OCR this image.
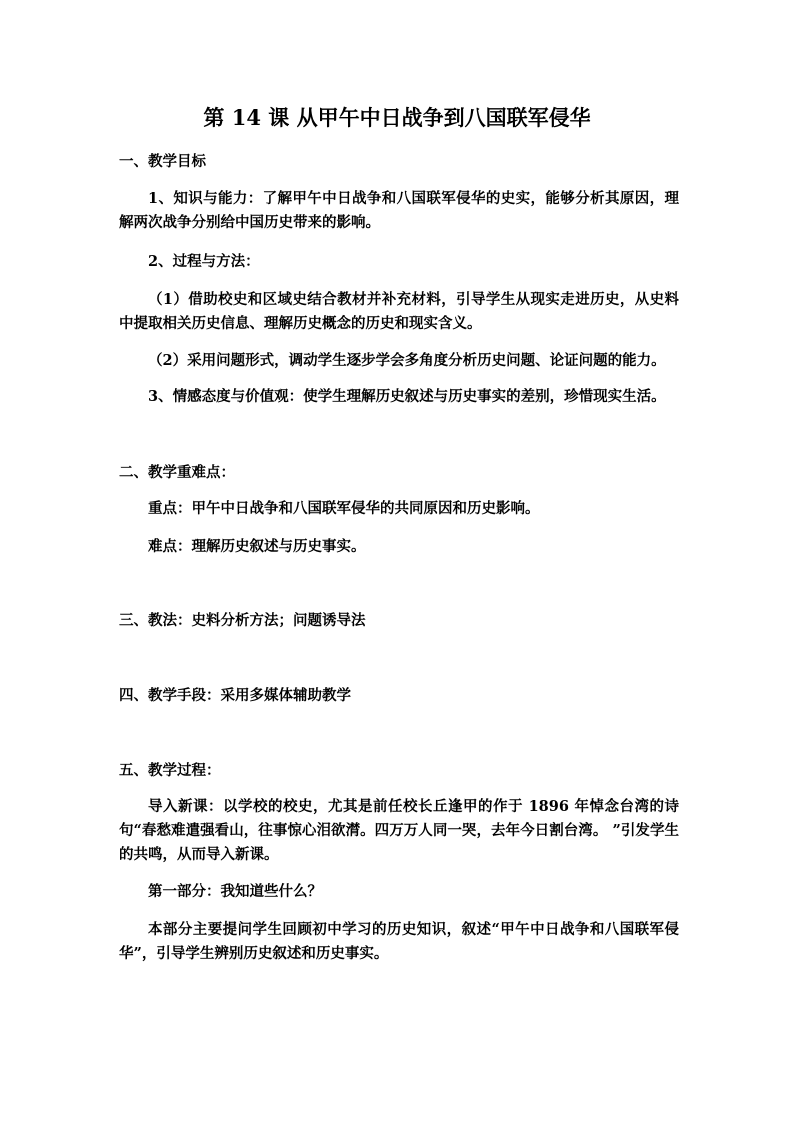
第 14 课 从甲午中日战争到八国联军侵华
一、教学目标
1、知识与能力：了解甲午中日战争和八国联军侵华的史实，能够分析其原因，理解两次战争分别给中国历史带来的影响。
2、过程与方法：
（1）借助校史和区域史结合教材并补充材料，引导学生从现实走进历史，从史料中提取相关历史信息、理解历史概念的历史和现实含义。
（2）采用问题形式，调动学生逐步学会多角度分析历史问题、论证问题的能力。
3、情感态度与价值观：使学生理解历史叙述与历史事实的差别，珍惜现实生活。
二、教学重难点：
重点：甲午中日战争和八国联军侵华的共同原因和历史影响。
难点：理解历史叙述与历史事实。
三、教法：史料分析方法；问题诱导法
四、教学手段：采用多媒体辅助教学
五、教学过程：
导入新课：以学校的校史，尤其是前任校长丘逢甲的作于 1896 年悼念台湾的诗句“春愁难遣强看山，往事惊心泪欲潸。四万万人同一哭，去年今日割台湾。 ”引发学生的共鸣，从而导入新课。
第一部分：我知道些什么？
本部分主要提问学生回顾初中学习的历史知识，叙述“甲午中日战争和八国联军侵华”，引导学生辨别历史叙述和历史事实。
